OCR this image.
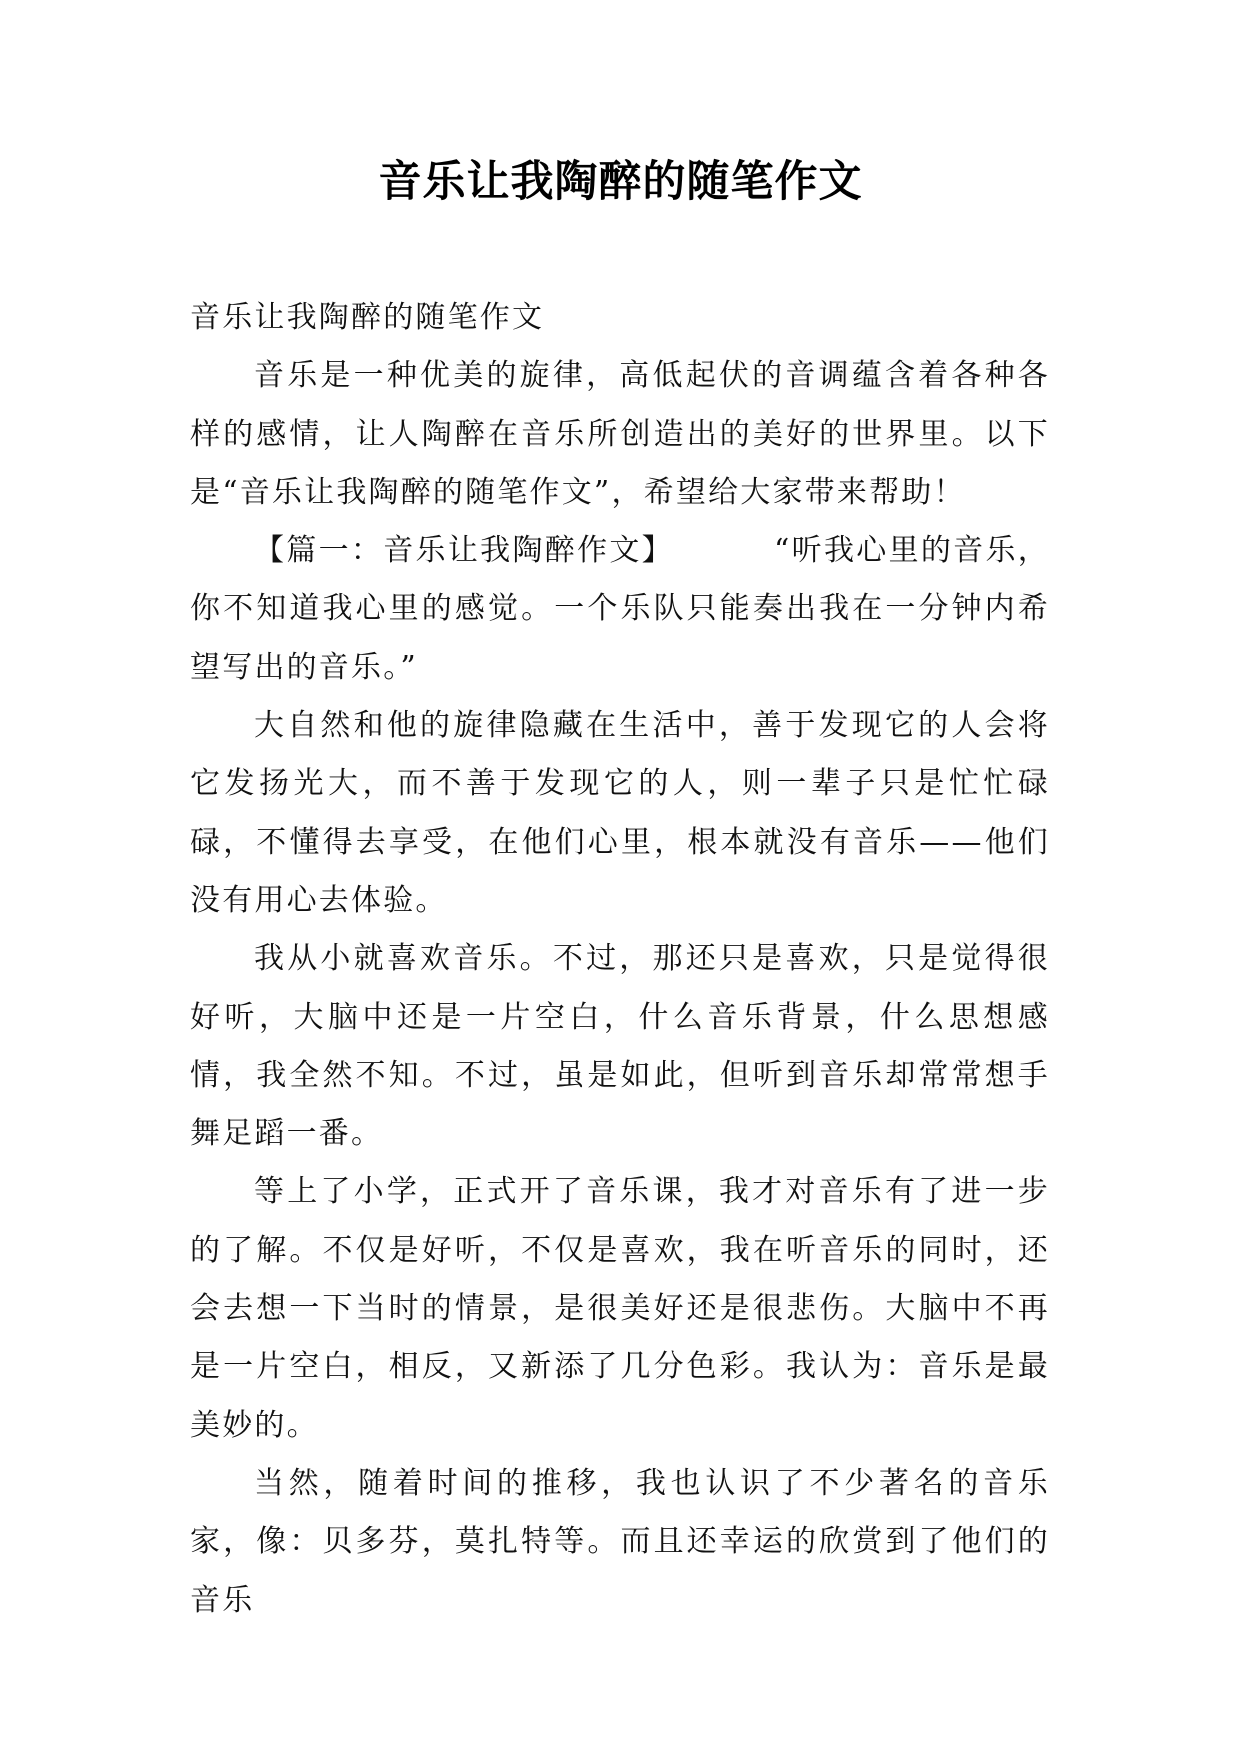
音乐让我陶醉的随笔作文

音乐让我陶醉的随笔作文

音乐是一种优美的旋律，高低起伏的音调蕴含着各种各样的感情，让人陶醉在音乐所创造出的美好的世界里。以下是“音乐让我陶醉的随笔作文”，希望给大家带来帮助！

【篇一：音乐让我陶醉作文】	“听我心里的音乐，你不知道我心里的感觉。一个乐队只能奏出我在一分钟内希望写出的音乐。”

大自然和他的旋律隐藏在生活中，善于发现它的人会将它发扬光大，而不善于发现它的人，则一辈子只是忙忙碌碌，不懂得去享受，在他们心里，根本就没有音乐——他们没有用心去体验。

我从小就喜欢音乐。不过，那还只是喜欢，只是觉得很好听，大脑中还是一片空白，什么音乐背景，什么思想感情，我全然不知。不过，虽是如此，但听到音乐却常常想手舞足蹈一番。

等上了小学，正式开了音乐课，我才对音乐有了进一步的了解。不仅是好听，不仅是喜欢，我在听音乐的同时，还会去想一下当时的情景，是很美好还是很悲伤。大脑中不再是一片空白，相反，又新添了几分色彩。我认为：音乐是最美妙的。

当然，随着时间的推移，我也认识了不少著名的音乐家，像：贝多芬，莫扎特等。而且还幸运的欣赏到了他们的音乐
